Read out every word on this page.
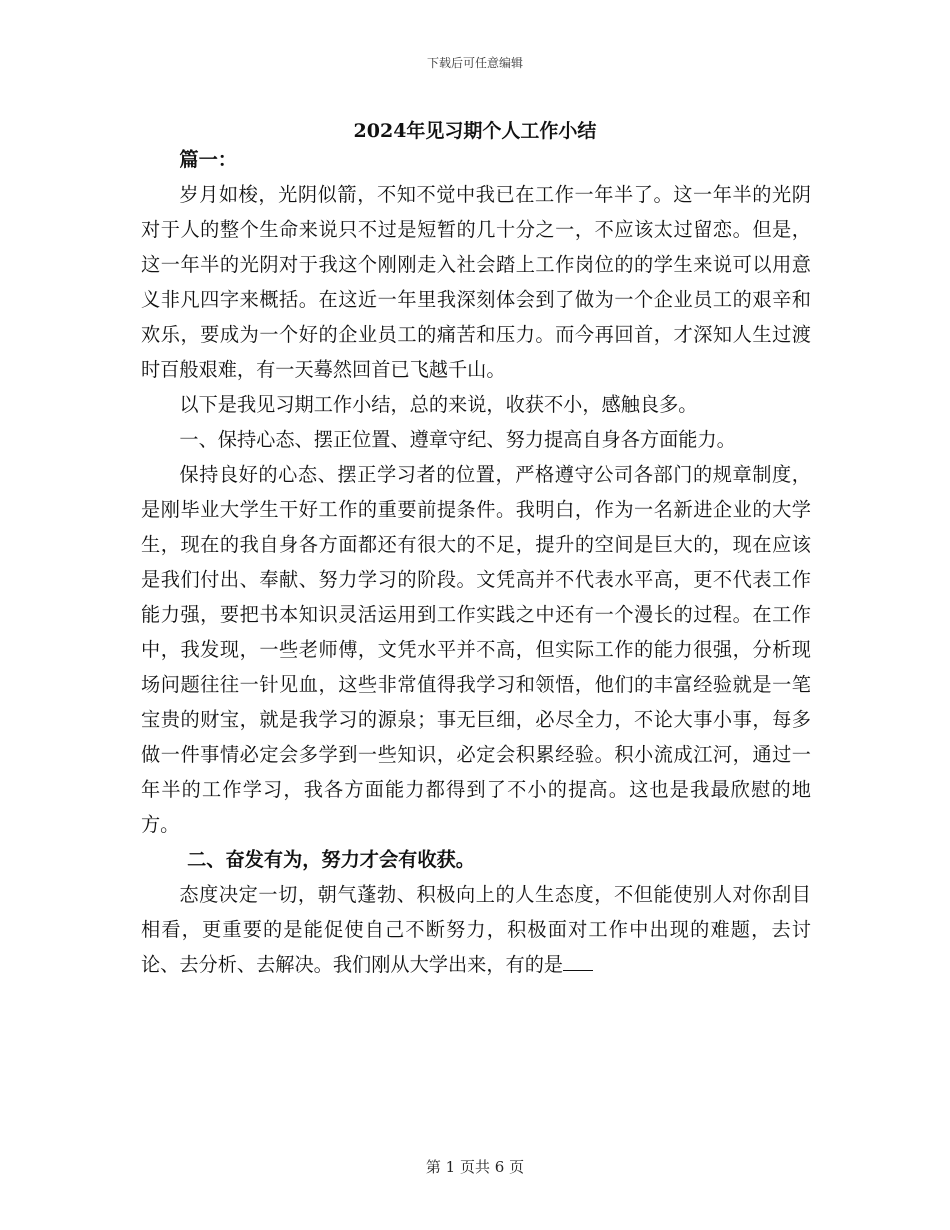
下载后可任意编辑
2024年见习期个人工作小结

篇一：

岁月如梭，光阴似箭，不知不觉中我已在工作一年半了。这一年半的光阴对于人的整个生命来说只不过是短暂的几十分之一，不应该太过留恋。但是，这一年半的光阴对于我这个刚刚走入社会踏上工作岗位的的学生来说可以用意义非凡四字来概括。在这近一年里我深刻体会到了做为一个企业员工的艰辛和欢乐，要成为一个好的企业员工的痛苦和压力。而今再回首，才深知人生过渡时百般艰难，有一天蓦然回首已飞越千山。

以下是我见习期工作小结，总的来说，收获不小，感触良多。

一、保持心态、摆正位置、遵章守纪、努力提高自身各方面能力。

保持良好的心态、摆正学习者的位置，严格遵守公司各部门的规章制度，是刚毕业大学生干好工作的重要前提条件。我明白，作为一名新进企业的大学生，现在的我自身各方面都还有很大的不足，提升的空间是巨大的，现在应该是我们付出、奉献、努力学习的阶段。文凭高并不代表水平高，更不代表工作能力强，要把书本知识灵活运用到工作实践之中还有一个漫长的过程。在工作中，我发现，一些老师傅，文凭水平并不高，但实际工作的能力很强，分析现场问题往往一针见血，这些非常值得我学习和领悟，他们的丰富经验就是一笔宝贵的财宝，就是我学习的源泉；事无巨细，必尽全力，不论大事小事，每多做一件事情必定会多学到一些知识，必定会积累经验。积小流成江河，通过一年半的工作学习，我各方面能力都得到了不小的提高。这也是我最欣慰的地方。

二、奋发有为，努力才会有收获。

态度决定一切，朝气蓬勃、积极向上的人生态度，不但能使别人对你刮目相看，更重要的是能促使自己不断努力，积极面对工作中出现的难题，去讨论、去分析、去解决。我们刚从大学出来，有的是

第 1 页共 6 页
